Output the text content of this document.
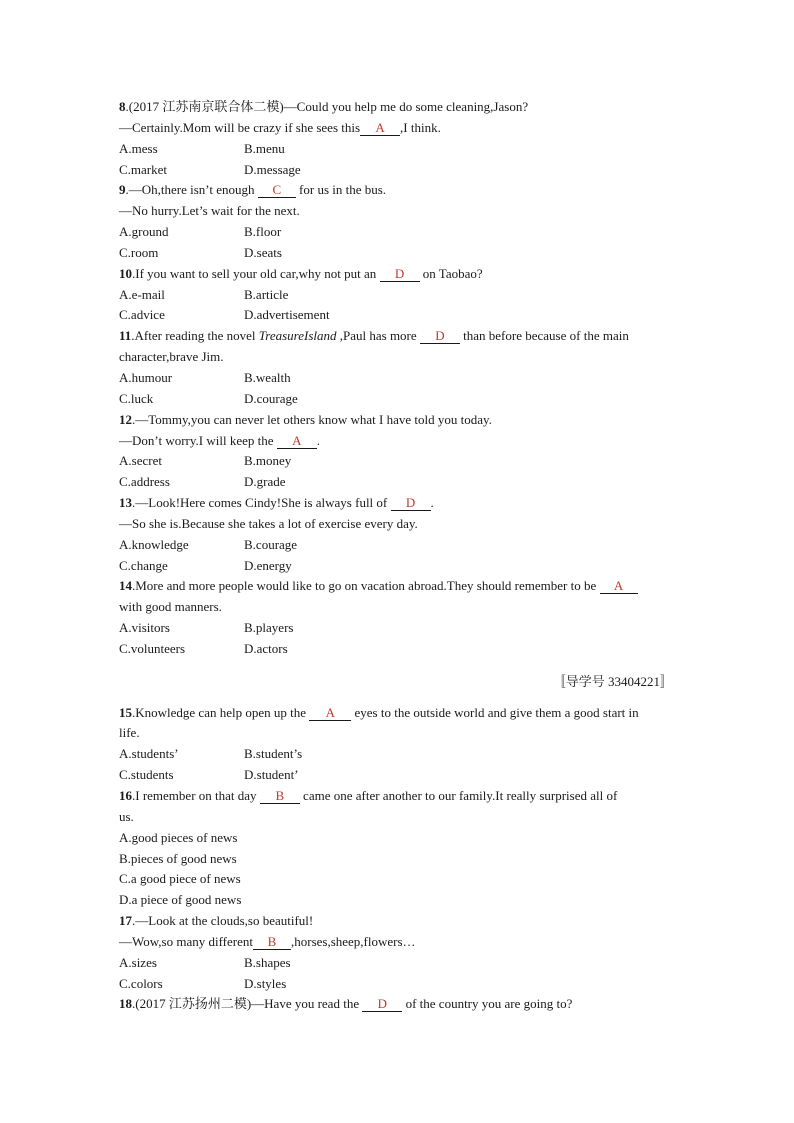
8.(2017 江苏南京联合体二模)—Could you help me do some cleaning,Jason?
—Certainly.Mom will be crazy if she sees this A ,I think.
A.mess	B.menu
C.market	D.message
9.—Oh,there isn’t enough C for us in the bus.
—No hurry.Let’s wait for the next.
A.ground	B.floor
C.room	D.seats
10.If you want to sell your old car,why not put an D on Taobao?
A.e-mail	B.article
C.advice	D.advertisement
11.After reading the novel TreasureIsland ,Paul has more D than before because of the main
character,brave Jim.
A.humour	B.wealth
C.luck	D.courage
12.—Tommy,you can never let others know what I have told you today.
—Don’t worry.I will keep the A .
A.secret	B.money
C.address	D.grade
13.—Look!Here comes Cindy!She is always full of D .
—So she is.Because she takes a lot of exercise every day.
A.knowledge	B.courage
C.change	D.energy
14.More and more people would like to go on vacation abroad.They should remember to be A
with good manners.
A.visitors	B.players
C.volunteers	D.actors
〚导学号 33404221〛
15.Knowledge can help open up the A eyes to the outside world and give them a good start in
life.
A.students’	B.student’s
C.students	D.student’
16.I remember on that day B came one after another to our family.It really surprised all of
us.
A.good pieces of news
B.pieces of good news
C.a good piece of news
D.a piece of good news
17.—Look at the clouds,so beautiful!
—Wow,so many different B ,horses,sheep,flowers…
A.sizes	B.shapes
C.colors	D.styles
18.(2017 江苏扬州二模)—Have you read the D of the country you are going to?
